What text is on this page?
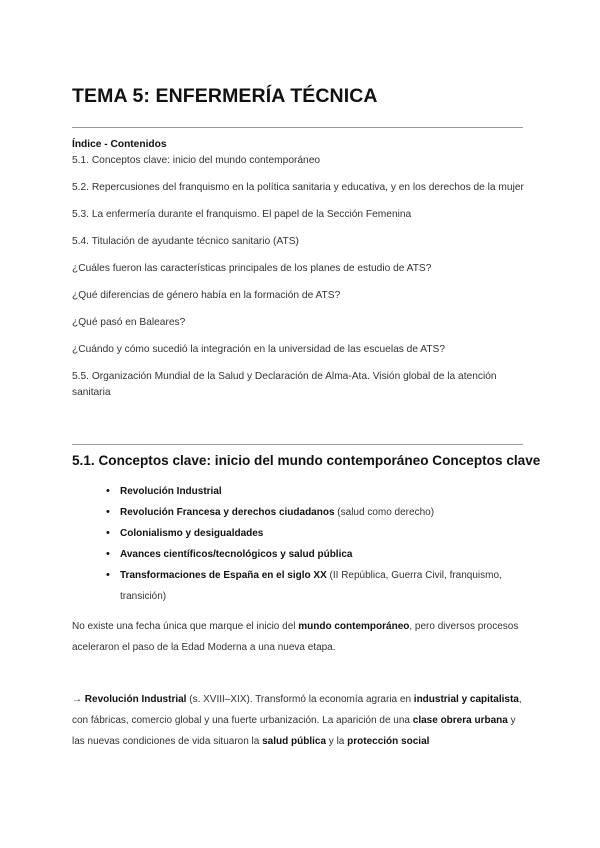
TEMA 5: ENFERMERÍA TÉCNICA
Índice - Contenidos
5.1. Conceptos clave: inicio del mundo contemporáneo
5.2. Repercusiones del franquismo en la política sanitaria y educativa, y en los derechos de la mujer
5.3. La enfermería durante el franquismo. El papel de la Sección Femenina
5.4. Titulación de ayudante técnico sanitario (ATS)
¿Cuáles fueron las características principales de los planes de estudio de ATS?
¿Qué diferencias de género había en la formación de ATS?
¿Qué pasó en Baleares?
¿Cuándo y cómo sucedió la integración en la universidad de las escuelas de ATS?
5.5. Organización Mundial de la Salud y Declaración de Alma-Ata. Visión global de la atención sanitaria
5.1. Conceptos clave: inicio del mundo contemporáneo Conceptos clave
• Revolución Industrial
• Revolución Francesa y derechos ciudadanos (salud como derecho)
• Colonialismo y desigualdades
• Avances científicos/tecnológicos y salud pública
• Transformaciones de España en el siglo XX (II República, Guerra Civil, franquismo, transición)

No existe una fecha única que marque el inicio del mundo contemporáneo, pero diversos procesos aceleraron el paso de la Edad Moderna a una nueva etapa.

→ Revolución Industrial (s. XVIII–XIX). Transformó la economía agraria en industrial y capitalista, con fábricas, comercio global y una fuerte urbanización. La aparición de una clase obrera urbana y las nuevas condiciones de vida situaron la salud pública y la protección social
